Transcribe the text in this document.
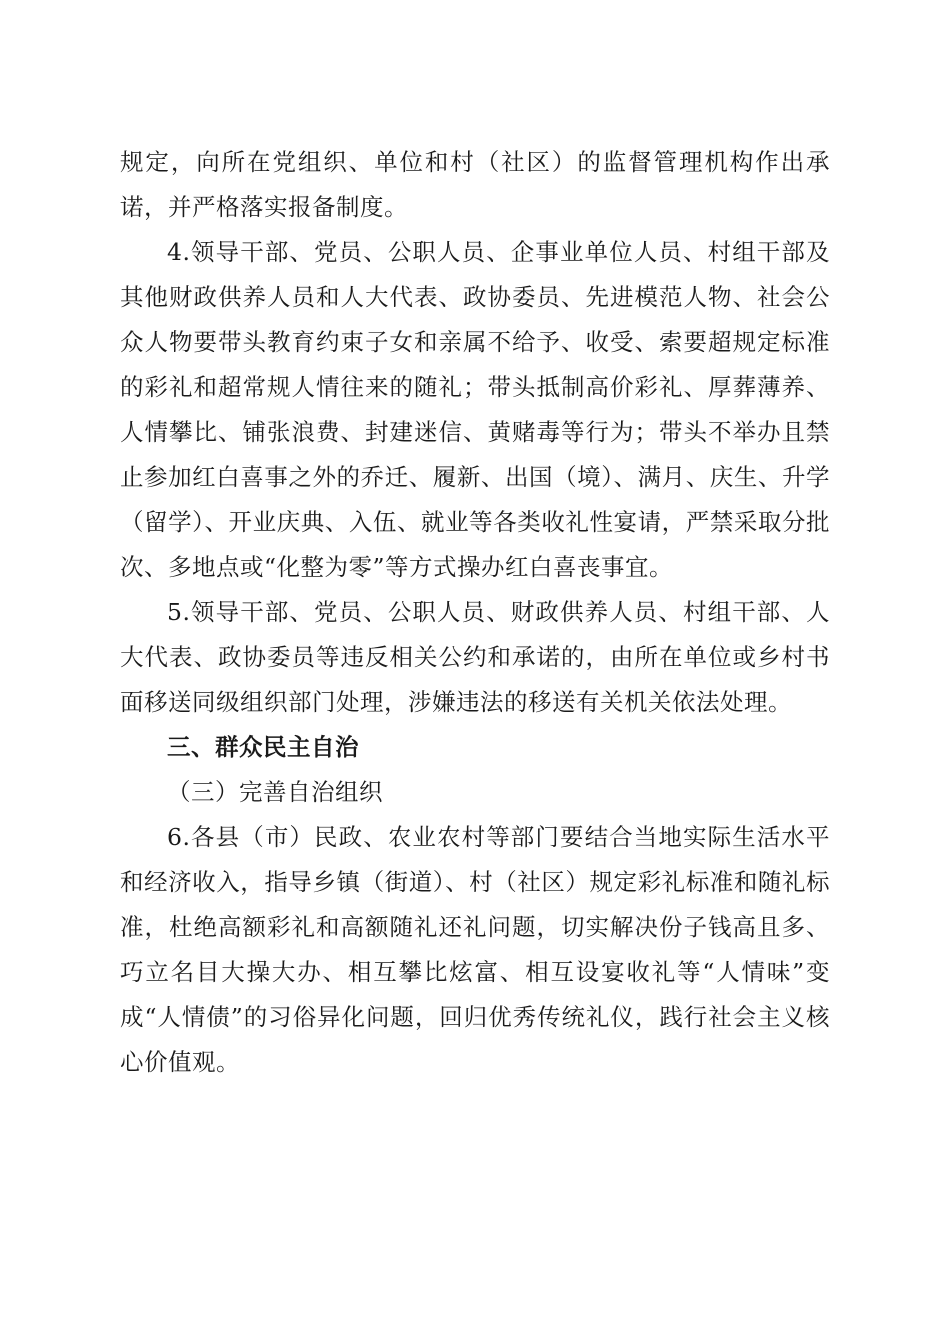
规定，向所在党组织、单位和村（社区）的监督管理机构作出承诺，并严格落实报备制度。

4.领导干部、党员、公职人员、企事业单位人员、村组干部及其他财政供养人员和人大代表、政协委员、先进模范人物、社会公众人物要带头教育约束子女和亲属不给予、收受、索要超规定标准的彩礼和超常规人情往来的随礼；带头抵制高价彩礼、厚葬薄养、人情攀比、铺张浪费、封建迷信、黄赌毒等行为；带头不举办且禁止参加红白喜事之外的乔迁、履新、出国（境）、满月、庆生、升学（留学）、开业庆典、入伍、就业等各类收礼性宴请，严禁采取分批次、多地点或“化整为零”等方式操办红白喜丧事宜。

5.领导干部、党员、公职人员、财政供养人员、村组干部、人大代表、政协委员等违反相关公约和承诺的，由所在单位或乡村书面移送同级组织部门处理，涉嫌违法的移送有关机关依法处理。

三、群众民主自治

（三）完善自治组织

6.各县（市）民政、农业农村等部门要结合当地实际生活水平和经济收入，指导乡镇（街道）、村（社区）规定彩礼标准和随礼标准，杜绝高额彩礼和高额随礼还礼问题，切实解决份子钱高且多、巧立名目大操大办、相互攀比炫富、相互设宴收礼等“人情味”变成“人情债”的习俗异化问题，回归优秀传统礼仪，践行社会主义核心价值观。
